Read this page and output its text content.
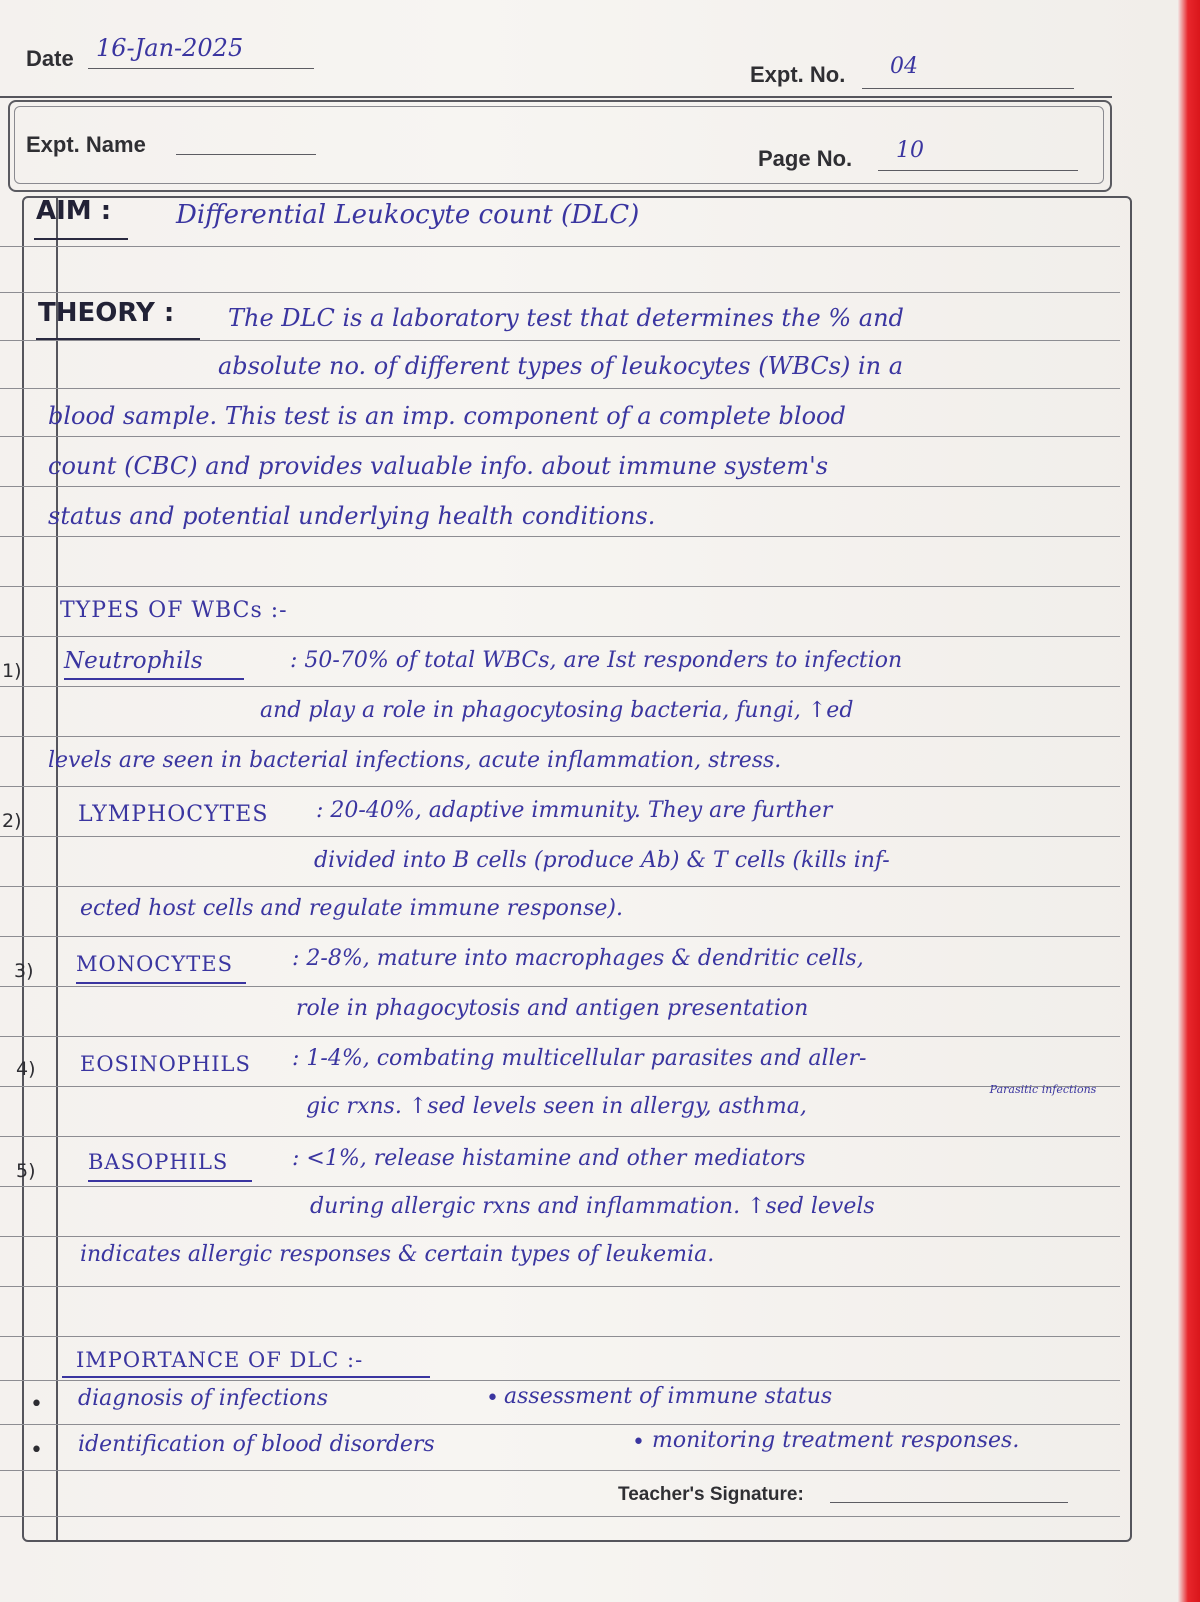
Date 16-Jan-2025
Expt. No. 04
Expt. Name
Page No. 10
AIM : Differential Leukocyte count (DLC)
THEORY : The DLC is a laboratory test that determines the % and
absolute no. of different types of leukocytes (WBCs) in a
blood sample. This test is an imp. component of a complete blood
count (CBC) and provides valuable info. about immune system's
status and potential underlying health conditions.
TYPES OF WBCs :-
1) Neutrophils	: 50-70% of total WBCs, are Ist responders to infection
and play a role in phagocytosing bacteria, fungi, ↑ed
levels are seen in bacterial infections, acute inflammation, stress.
2)	LYMPHOCYTES : 20-40%, adaptive immunity. They are further
divided into B cells (produce Ab) & T cells (kills inf-
ected host cells and regulate immune response).
3) MONOCYTES	: 2-8%, mature into macrophages & dendritic cells,
role in phagocytosis and antigen presentation
4) EOSINOPHILS : 1-4%, combating multicellular parasites and aller-
gic rxns. ↑sed levels seen in allergy, asthma,
Parasitic infections
5) BASOPHILS	: <1%, release histamine and other mediators
during allergic rxns and inflammation. ↑sed levels
indicates allergic responses & certain types of leukemia.
IMPORTANCE OF DLC :-
• diagnosis of infections	• assessment of immune status
• identification of blood disorders	• monitoring treatment responses.
Teacher's Signature:
